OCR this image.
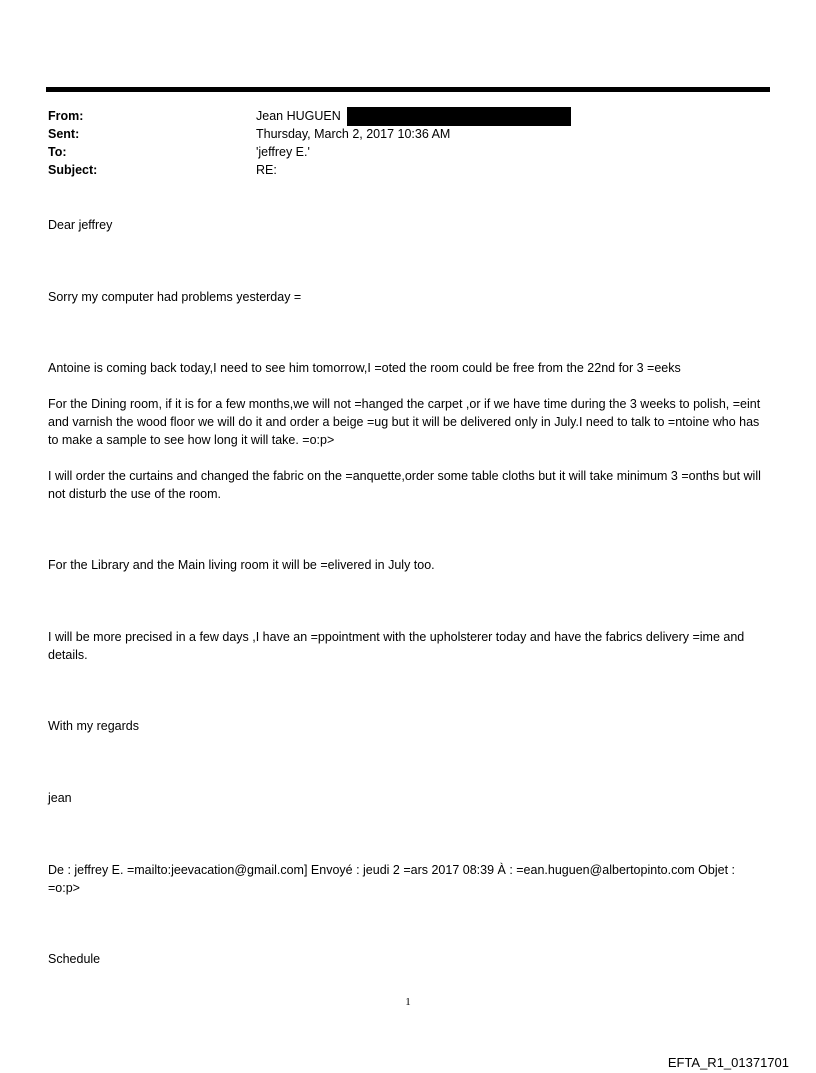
From:	Jean HUGUEN
Sent:	Thursday, March 2, 2017 10:36 AM
To:	'jeffrey E.'
Subject:	RE:

Dear jeffrey

Sorry my computer had problems yesterday =

Antoine is coming back today,I need to see him tomorrow,I =oted the room could be free from the 22nd for 3 =eeks

For the Dining room, if it is for a few months,we will not =hanged the carpet ,or if we have time during the 3 weeks to polish, =eint and varnish the wood floor we will do it and order a beige =ug but it will be delivered only in July.I need to talk to =ntoine who has to make a sample to see how long it will take. =o:p>

I will order the curtains and changed the fabric on the =anquette,order some table cloths but it will take minimum 3 =onths but will not disturb the use of the room.

For the Library and the Main living room it will be =elivered in July too.

I will be more precised in a few days ,I have an =ppointment with the upholsterer today and have the fabrics delivery =ime and details.

With my regards

jean

De : jeffrey E. =mailto:jeevacation@gmail.com] Envoyé : jeudi 2 =ars 2017 08:39 À : =ean.huguen@albertopinto.com Objet : =o:p>

Schedule

1
EFTA_R1_01371701
